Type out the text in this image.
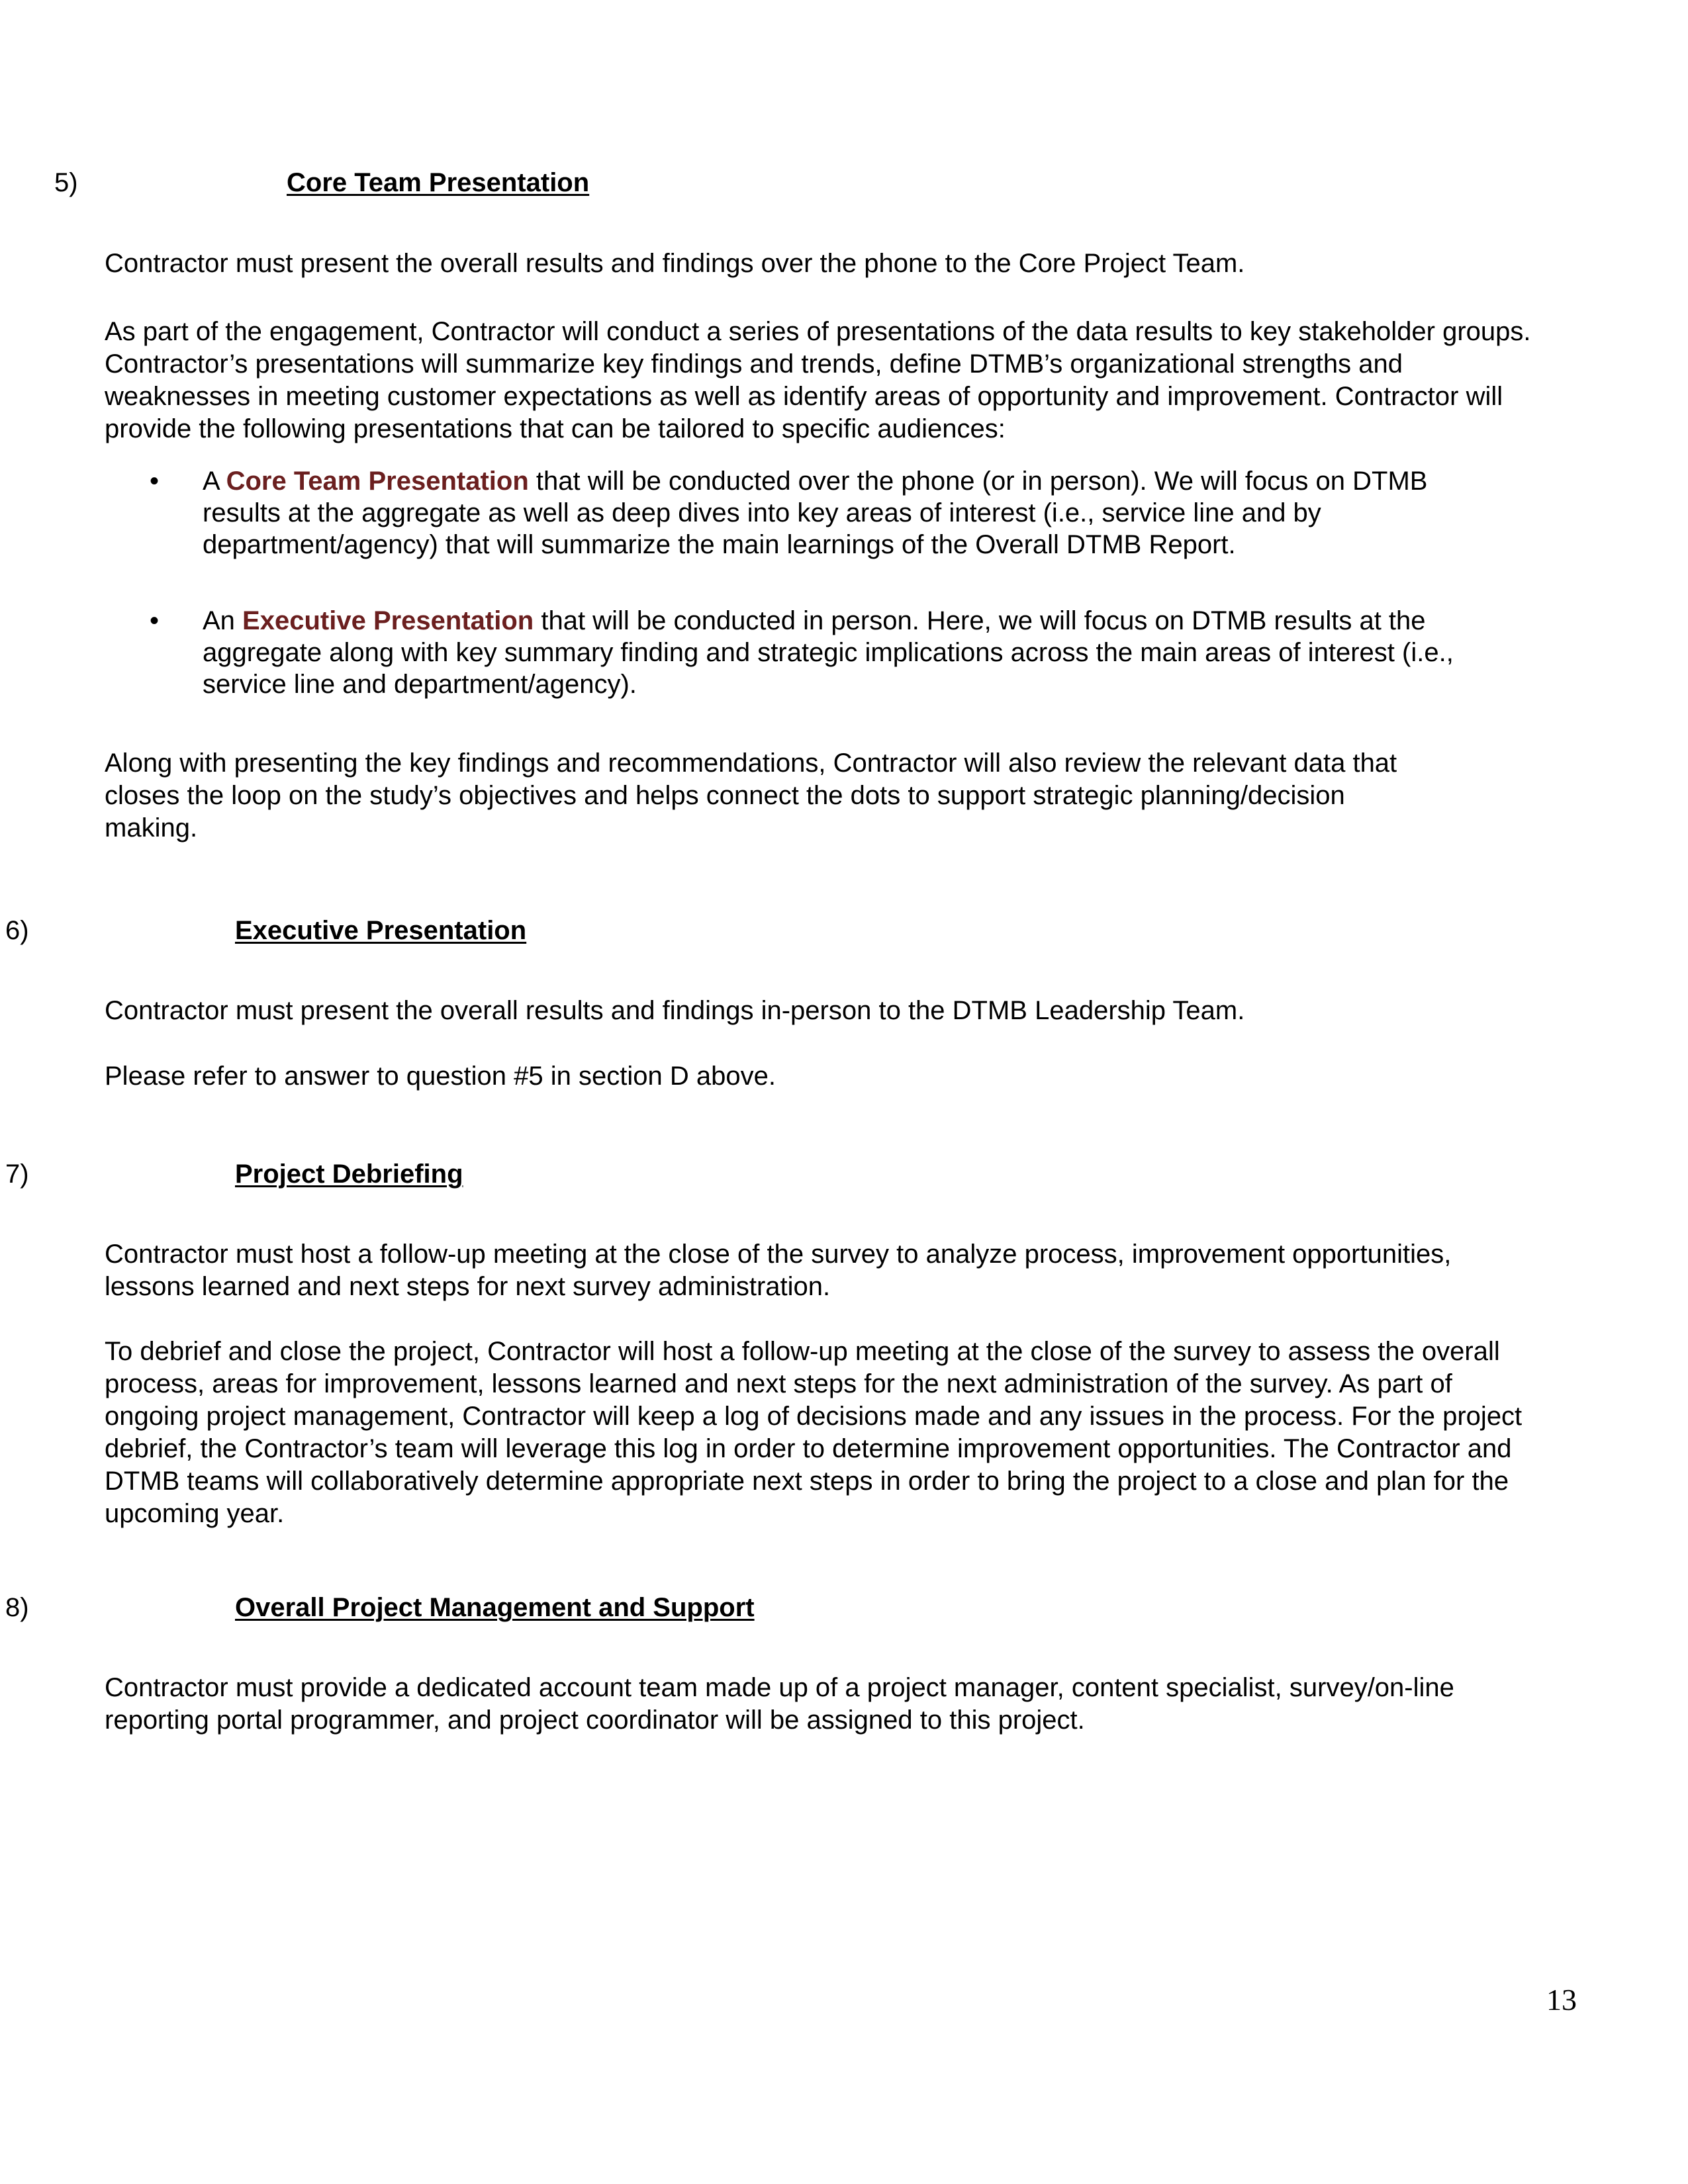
5)	Core Team Presentation

Contractor must present the overall results and findings over the phone to the Core Project Team.

As part of the engagement, Contractor will conduct a series of presentations of the data results to key stakeholder groups. Contractor’s presentations will summarize key findings and trends, define DTMB’s organizational strengths and weaknesses in meeting customer expectations as well as identify areas of opportunity and improvement. Contractor will provide the following presentations that can be tailored to specific audiences:

•	A Core Team Presentation that will be conducted over the phone (or in person). We will focus on DTMB results at the aggregate as well as deep dives into key areas of interest (i.e., service line and by department/agency) that will summarize the main learnings of the Overall DTMB Report.
•	An Executive Presentation that will be conducted in person. Here, we will focus on DTMB results at the aggregate along with key summary finding and strategic implications across the main areas of interest (i.e., service line and department/agency).

Along with presenting the key findings and recommendations, Contractor will also review the relevant data that closes the loop on the study’s objectives and helps connect the dots to support strategic planning/decision making.

6)	Executive Presentation

Contractor must present the overall results and findings in-person to the DTMB Leadership Team.

Please refer to answer to question #5 in section D above.

7)	Project Debriefing

Contractor must host a follow-up meeting at the close of the survey to analyze process, improvement opportunities, lessons learned and next steps for next survey administration.

To debrief and close the project, Contractor will host a follow-up meeting at the close of the survey to assess the overall process, areas for improvement, lessons learned and next steps for the next administration of the survey. As part of ongoing project management, Contractor will keep a log of decisions made and any issues in the process. For the project debrief, the Contractor’s team will leverage this log in order to determine improvement opportunities. The Contractor and DTMB teams will collaboratively determine appropriate next steps in order to bring the project to a close and plan for the upcoming year.

8)	Overall Project Management and Support

Contractor must provide a dedicated account team made up of a project manager, content specialist, survey/on-line reporting portal programmer, and project coordinator will be assigned to this project.

13
